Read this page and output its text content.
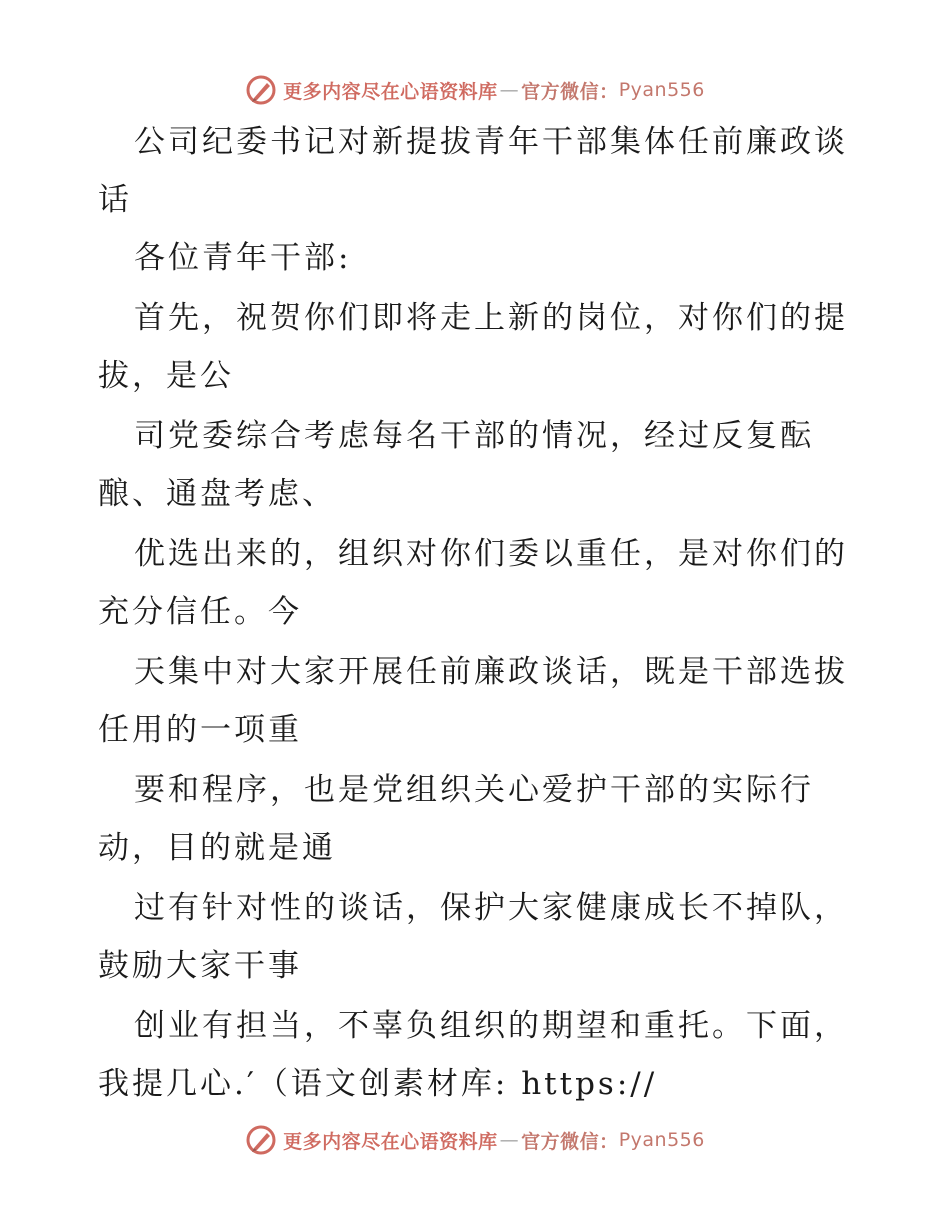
更多内容尽在心语资料库 — 官方微信： Pyan556
公司纪委书记对新提拔青年干部集体任前廉政谈
话
各位青年干部:
首先，祝贺你们即将走上新的岗位，对你们的提
拔，是公
司党委综合考虑每名干部的情况，经过反复酝
酿、通盘考虑、
优选出来的，组织对你们委以重任，是对你们的
充分信任。今
天集中对大家开展任前廉政谈话，既是干部选拔
任用的一项重
要和程序，也是党组织关心爱护干部的实际行
动，目的就是通
过有针对性的谈话，保护大家健康成长不掉队，
鼓励大家干事
创业有担当，不辜负组织的期望和重托。下面，
我提几心.′（语文创素材库: https://
更多内容尽在心语资料库 — 官方微信： Pyan556
